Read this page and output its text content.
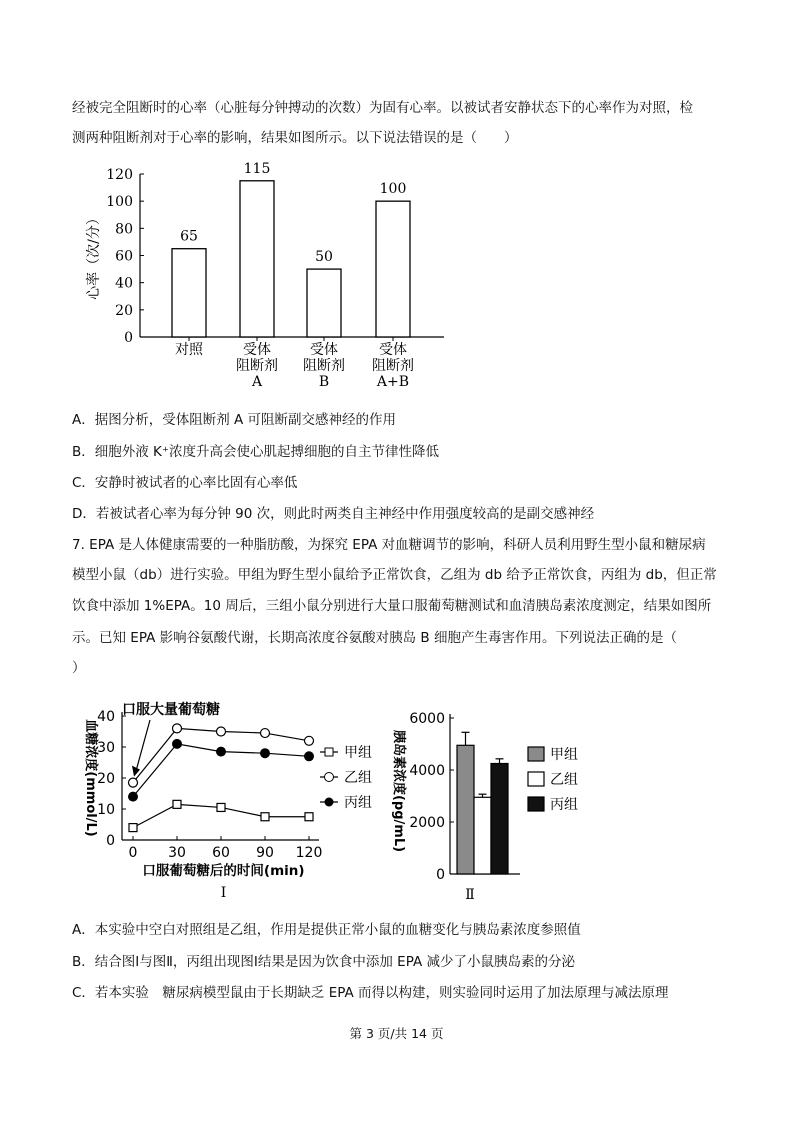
经被完全阻断时的心率（心脏每分钟搏动的次数）为固有心率。以被试者安静状态下的心率作为对照，检
测两种阻断剂对于心率的影响，结果如图所示。以下说法错误的是（　　）
0
20
40
60
80
100
120
心率（次/分）	65
对照
115
受体
阻断剂
A
50
受体
阻断剂
B
100
受体
阻断剂
A+B
A．据图分析，受体阻断剂 A 可阻断副交感神经的作用
B．细胞外液 K⁺浓度升高会使心肌起搏细胞的自主节律性降低
C．安静时被试者的心率比固有心率低
D．若被试者心率为每分钟 90 次，则此时两类自主神经中作用强度较高的是副交感神经
7. EPA 是人体健康需要的一种脂肪酸，为探究 EPA 对血糖调节的影响，科研人员利用野生型小鼠和糖尿病
模型小鼠（db）进行实验。甲组为野生型小鼠给予正常饮食，乙组为 db 给予正常饮食，丙组为 db，但正常
饮食中添加 1%EPA。10 周后，三组小鼠分别进行大量口服葡萄糖测试和血清胰岛素浓度测定，结果如图所
示。已知 EPA 影响谷氨酸代谢，长期高浓度谷氨酸对胰岛 B 细胞产生毒害作用。下列说法正确的是（
）
0
10
20
30
40
0 30 60 90 120
口服葡萄糖后的时间(min)
血糖浓度(mmol/L)
Ⅰ
口服大量葡萄糖
甲组
乙组
丙组
0
2000
4000
6000
胰岛素浓度(pg/mL)
Ⅱ
甲组
乙组
丙组
A．本实验中空白对照组是乙组，作用是提供正常小鼠的血糖变化与胰岛素浓度参照值
B．结合图Ⅰ与图Ⅱ，丙组出现图Ⅰ结果是因为饮食中添加 EPA 减少了小鼠胰岛素的分泌
C．若本实验　糖尿病模型鼠由于长期缺乏 EPA 而得以构建，则实验同时运用了加法原理与减法原理
第 3 页/共 14 页
